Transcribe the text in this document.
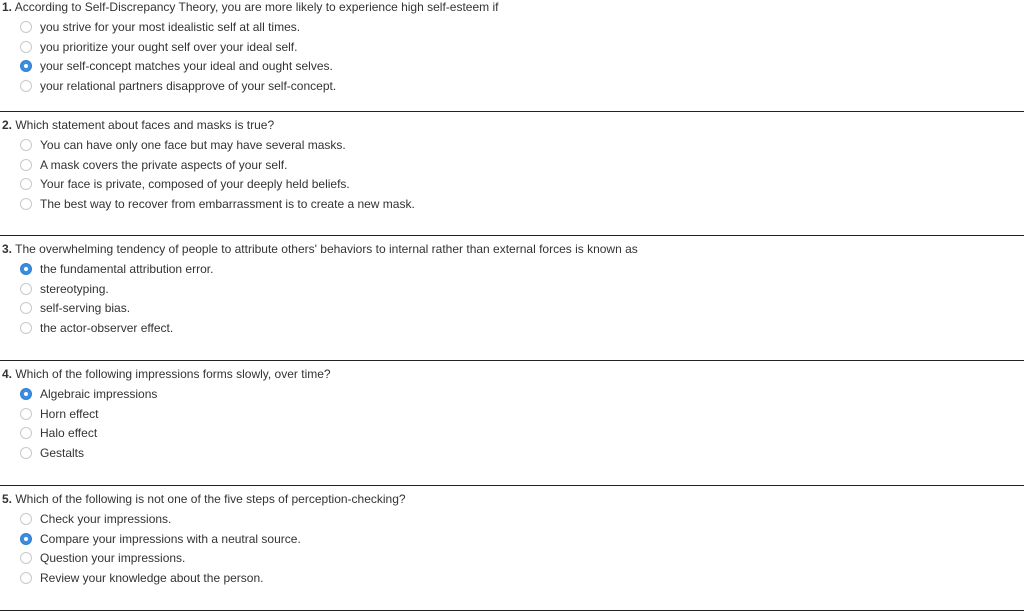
1. According to Self-Discrepancy Theory, you are more likely to experience high self-esteem if
you strive for your most idealistic self at all times.
you prioritize your ought self over your ideal self.
your self-concept matches your ideal and ought selves.
your relational partners disapprove of your self-concept.
2. Which statement about faces and masks is true?
You can have only one face but may have several masks.
A mask covers the private aspects of your self.
Your face is private, composed of your deeply held beliefs.
The best way to recover from embarrassment is to create a new mask.
3. The overwhelming tendency of people to attribute others' behaviors to internal rather than external forces is known as
the fundamental attribution error.
stereotyping.
self-serving bias.
the actor-observer effect.
4. Which of the following impressions forms slowly, over time?
Algebraic impressions
Horn effect
Halo effect
Gestalts
5. Which of the following is not one of the five steps of perception-checking?
Check your impressions.
Compare your impressions with a neutral source.
Question your impressions.
Review your knowledge about the person.
